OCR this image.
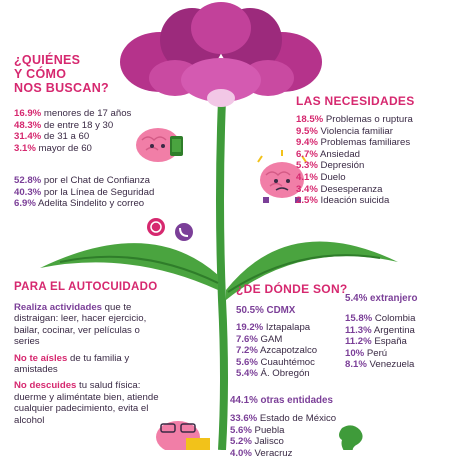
¿QUIÉNES
Y CÓMO
NOS BUSCAN?
16.9% menores de 17 años
48.3% de entre 18 y 30
31.4% de 31 a 60
3.1% mayor de 60
52.8% por el Chat de Confianza
40.3% por la Línea de Seguridad
6.9% Adelita Sindelito y correo
LAS NECESIDADES
18.5% Problemas o ruptura
9.5% Violencia familiar
9.4% Problemas familiares
6.7% Ansiedad
5.3% Depresión
4.1% Duelo
3.4% Desesperanza
2.5% Ideación suicida
PARA EL AUTOCUIDADO
Realiza actividades que te
distraigan: leer, hacer ejercicio,
bailar, cocinar, ver películas o
series
No te aísles de tu familia y
amistades
No descuides tu salud física:
duerme y aliméntate bien, atiende
cualquier padecimiento, evita el
alcohol
¿DE DÓNDE SON?
50.5% CDMX
19.2% Iztapalapa
7.6% GAM
7.2% Azcapotzalco
5.6% Cuauhtémoc
5.4% Á. Obregón
5.4% extranjero
15.8% Colombia
11.3% Argentina
11.2% España
10% Perú
8.1% Venezuela
44.1% otras entidades
33.6% Estado de México
5.6% Puebla
5.2% Jalisco
4.0% Veracruz
